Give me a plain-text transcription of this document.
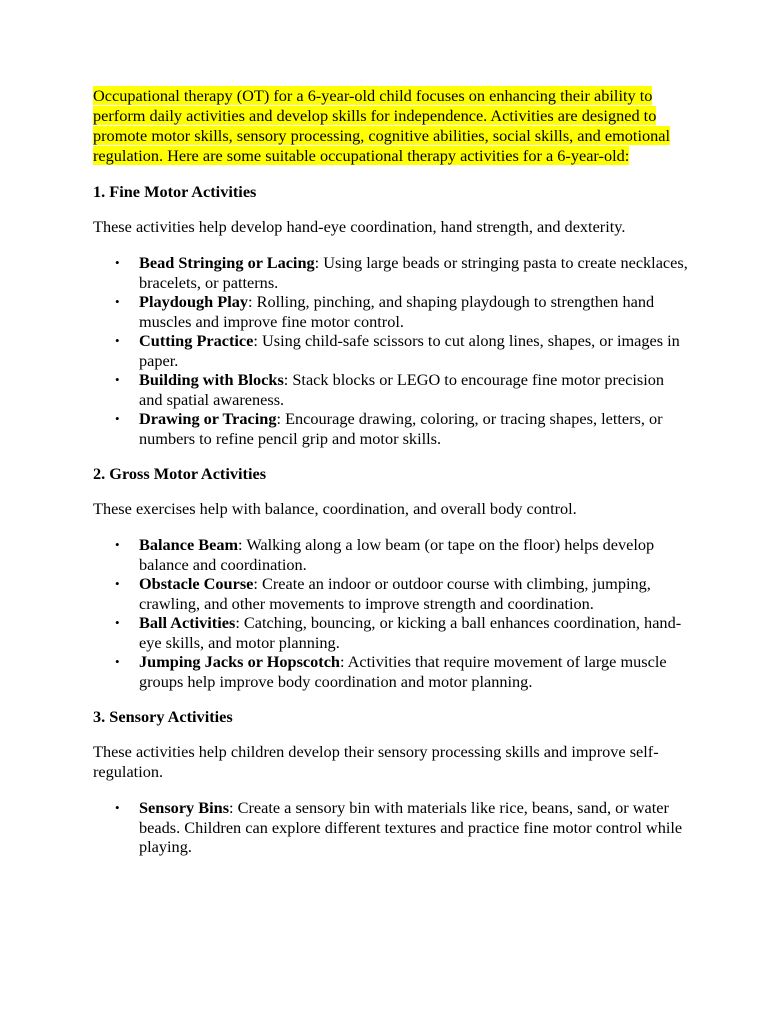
Occupational therapy (OT) for a 6-year-old child focuses on enhancing their ability to perform daily activities and develop skills for independence. Activities are designed to promote motor skills, sensory processing, cognitive abilities, social skills, and emotional regulation. Here are some suitable occupational therapy activities for a 6-year-old:

1. Fine Motor Activities

These activities help develop hand-eye coordination, hand strength, and dexterity.

• Bead Stringing or Lacing: Using large beads or stringing pasta to create necklaces, bracelets, or patterns.
• Playdough Play: Rolling, pinching, and shaping playdough to strengthen hand muscles and improve fine motor control.
• Cutting Practice: Using child-safe scissors to cut along lines, shapes, or images in paper.
• Building with Blocks: Stack blocks or LEGO to encourage fine motor precision and spatial awareness.
• Drawing or Tracing: Encourage drawing, coloring, or tracing shapes, letters, or numbers to refine pencil grip and motor skills.

2. Gross Motor Activities

These exercises help with balance, coordination, and overall body control.

• Balance Beam: Walking along a low beam (or tape on the floor) helps develop balance and coordination.
• Obstacle Course: Create an indoor or outdoor course with climbing, jumping, crawling, and other movements to improve strength and coordination.
• Ball Activities: Catching, bouncing, or kicking a ball enhances coordination, hand-eye skills, and motor planning.
• Jumping Jacks or Hopscotch: Activities that require movement of large muscle groups help improve body coordination and motor planning.

3. Sensory Activities

These activities help children develop their sensory processing skills and improve self-regulation.

• Sensory Bins: Create a sensory bin with materials like rice, beans, sand, or water beads. Children can explore different textures and practice fine motor control while playing.
